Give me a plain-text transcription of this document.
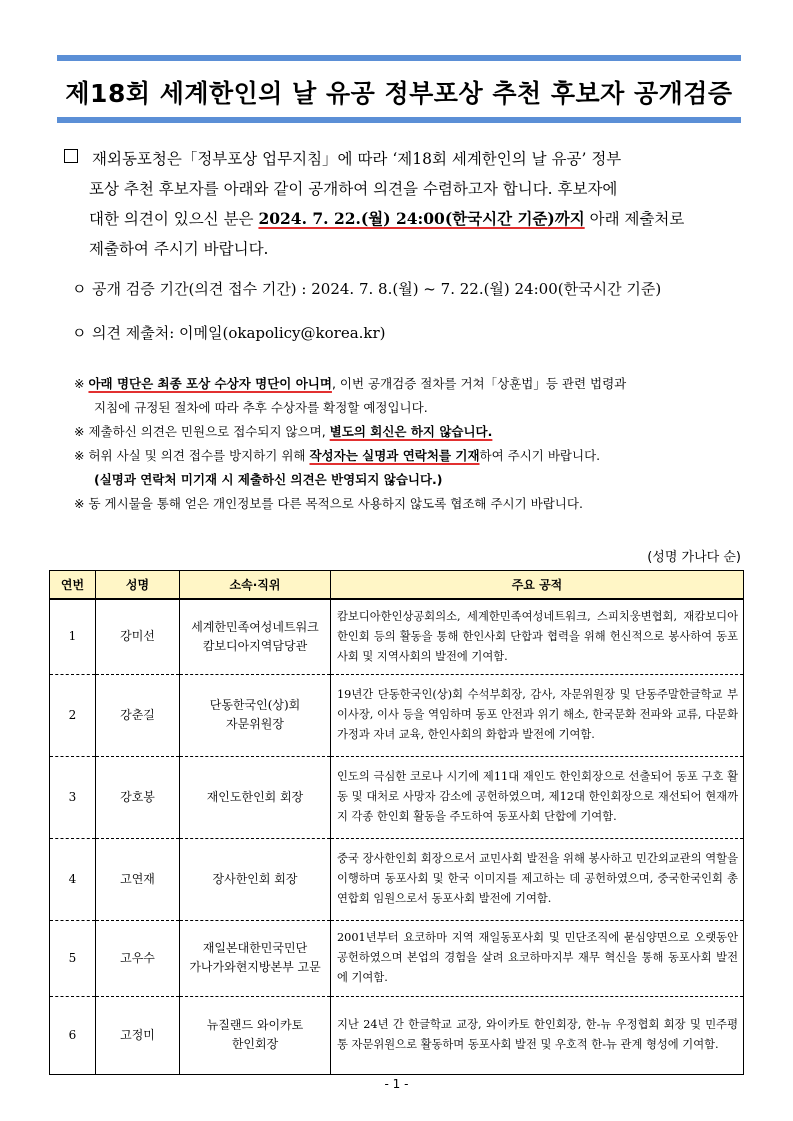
제18회 세계한인의 날 유공 정부포상 추천 후보자 공개검증

재외동포청은「정부포상 업무지침」에 따라 ‘제18회 세계한인의 날 유공’ 정부

포상 추천 후보자를 아래와 같이 공개하여 의견을 수렴하고자 합니다. 후보자에

대한 의견이 있으신 분은 2024. 7. 22.(월) 24:00(한국시간 기준)까지 아래 제출처로

제출하여 주시기 바랍니다.

ㅇ 공개 검증 기간(의견 접수 기간) : 2024. 7. 8.(월) ~ 7. 22.(월) 24:00(한국시간 기준)
ㅇ 의견 제출처: 이메일(okapolicy@korea.kr)

※ 아래 명단은 최종 포상 수상자 명단이 아니며, 이번 공개검증 절차를 거쳐「상훈법」등 관련 법령과

지침에 규정된 절차에 따라 추후 수상자를 확정할 예정입니다.

※ 제출하신 의견은 민원으로 접수되지 않으며, 별도의 회신은 하지 않습니다.

※ 허위 사실 및 의견 접수를 방지하기 위해 작성자는 실명과 연락처를 기재하여 주시기 바랍니다.

(실명과 연락처 미기재 시 제출하신 의견은 반영되지 않습니다.)

※ 동 게시물을 통해 얻은 개인정보를 다른 목적으로 사용하지 않도록 협조해 주시기 바랍니다.

(성명 가나다 순)
연번	성명	소속·직위	주요 공적
1	강미선	세계한민족여성네트워크
캄보디아지역담당관	캄보디아한인상공회의소, 세계한민족여성네트워크, 스피치웅변협회, 재캄보디아한인회 등의 활동을 통해 한인사회 단합과 협력을 위해 헌신적으로 봉사하여 동포사회 및 지역사회의 발전에 기여함.
2	강춘길	단동한국인(상)회
자문위원장	19년간 단동한국인(상)회 수석부회장, 감사, 자문위원장 및 단동주말한글학교 부이사장, 이사 등을 역임하며 동포 안전과 위기 해소, 한국문화 전파와 교류, 다문화가정과 자녀 교육, 한인사회의 화합과 발전에 기여함.
3	강호봉	재인도한인회 회장	인도의 극심한 코로나 시기에 제11대 재인도 한인회장으로 선출되어 동포 구호 활동 및 대처로 사망자 감소에 공헌하였으며, 제12대 한인회장으로 재선되어 현재까지 각종 한인회 활동을 주도하여 동포사회 단합에 기여함.
4	고연재	장사한인회 회장	중국 장사한인회 회장으로서 교민사회 발전을 위해 봉사하고 민간외교관의 역할을 이행하며 동포사회 및 한국 이미지를 제고하는 데 공헌하였으며, 중국한국인회 총연합회 임원으로서 동포사회 발전에 기여함.
5	고우수	재일본대한민국민단
가나가와현지방본부 고문	2001년부터 요코하마 지역 재일동포사회 및 민단조직에 묻심양면으로 오랫동안 공헌하였으며 본업의 경험을 살려 요코하마지부 재무 혁신을 통해 동포사회 발전에 기여함.
6	고정미	뉴질랜드 와이카토
한인회장	지난 24년 간 한글학교 교장, 와이카토 한인회장, 한-뉴 우정협회 회장 및 민주평통 자문위원으로 활동하며 동포사회 발전 및 우호적 한-뉴 관계 형성에 기여함.
- 1 -
